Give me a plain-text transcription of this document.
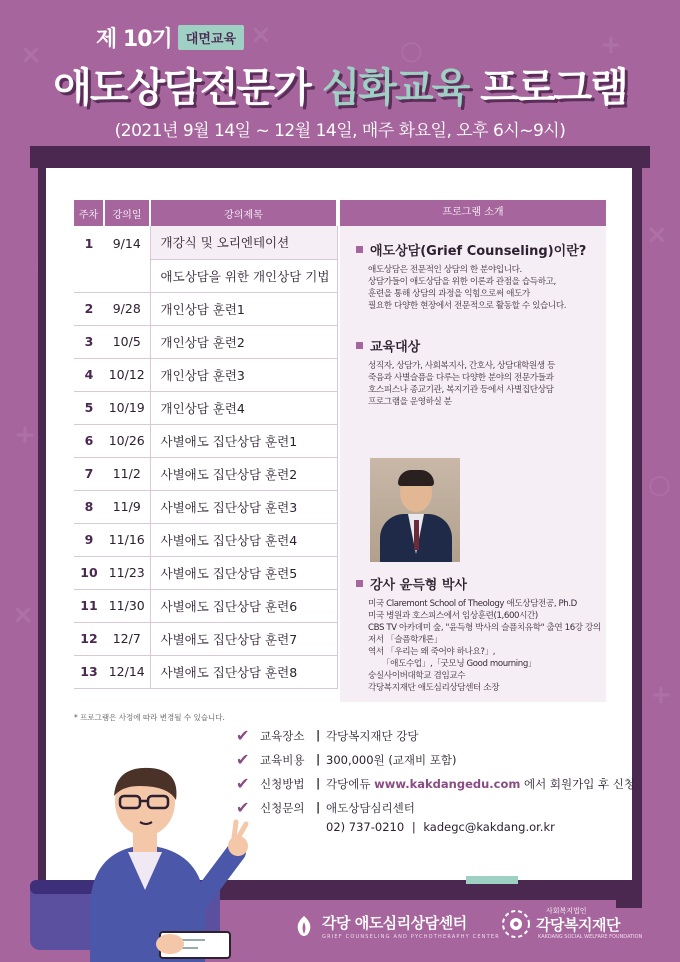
×	+
×
+
○
×
+
○
×
제 10기	대면교육
애도상담전문가 심화교육 프로그램
(2021년 9월 14일 ~ 12월 14일, 매주 화요일, 오후 6시~9시)
주차	강의일	강의제목
1	9/14	개강식 및 오리엔테이션
		애도상담을 위한 개인상담 기법
2	9/28	개인상담 훈련1
3	10/5	개인상담 훈련2
4	10/12	개인상담 훈련3
5	10/19	개인상담 훈련4
6	10/26	사별애도 집단상담 훈련1
7	11/2	사별애도 집단상담 훈련2
8	11/9	사별애도 집단상담 훈련3
9	11/16	사별애도 집단상담 훈련4
10	11/23	사별애도 집단상담 훈련5
11	11/30	사별애도 집단상담 훈련6
12	12/7	사별애도 집단상담 훈련7
13	12/14	사별애도 집단상담 훈련8
프로그램 소개
애도상담(Grief Counseling)이란?
애도상담은 전문적인 상담의 한 분야입니다.
상담가들이 애도상담을 위한 이론과 관점을 습득하고,
훈련을 통해 상담의 과정을 익힘으로써 애도가
필요한 다양한 현장에서 전문적으로 활동할 수 있습니다.
교육대상
성직자, 상담가, 사회복지사, 간호사, 상담대학원생 등
죽음과 사별슬픔을 다루는 다양한 분야의 전문가들과
호스피스나 종교기관, 복지기관 등에서 사별집단상담
프로그램을 운영하실 분
강사 윤득형 박사
미국 Claremont School of Theology 애도상담전공, Ph.D
미국 병원과 호스피스에서 임상훈련(1,600시간)
CBS TV 아카데미 숲, "윤득형 박사의 슬픔치유학" 출연 16강 강의
저서 「슬픔학개론」
역서 「우리는 왜 죽어야 하나요?」,
「애도수업」,「굿모닝 Good mourning」
숭실사이버대학교 겸임교수
각당복지재단 애도심리상담센터 소장
* 프로그램은 사정에 따라 변경될 수 있습니다.
✔ 교육장소 | 각당복지재단 강당
✔ 교육비용 | 300,000원 (교재비 포함)
✔ 신청방법 | 각당에듀 www.kakdangedu.com 에서 회원가입 후 신청
✔ 신청문의 | 애도상담심리센터
02) 737-0210 | kadegc@kakdang.or.kr
각당 애도심리상담센터
GRIEF COUNSELING AND PYCHOTHERAPHY CENTER
사회복지법인
각당복지재단
KAKDANG SOCIAL WELFARE FOUNDATION
